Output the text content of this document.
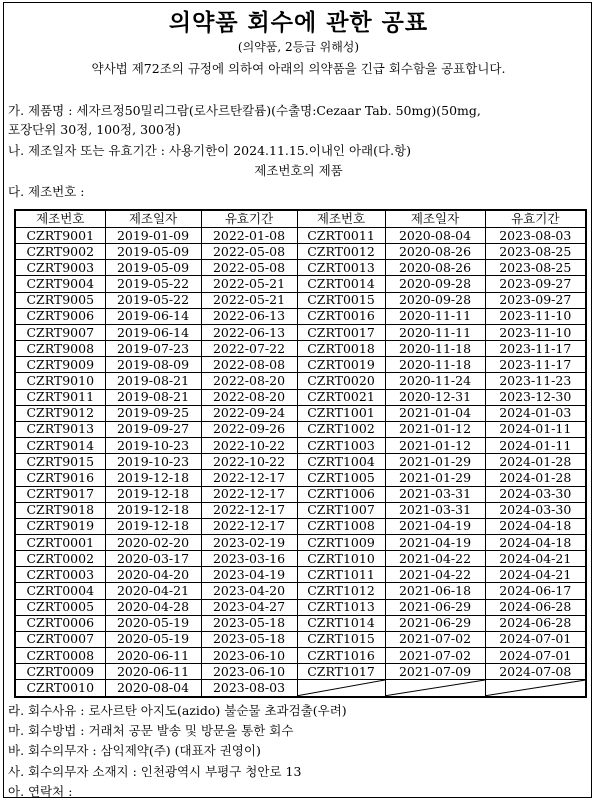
의약품 회수에 관한 공표
(의약품, 2등급 위해성)
약사법 제72조의 규정에 의하여 아래의 의약품을 긴급 회수함을 공표합니다.
가. 제품명 : 세자르정50밀리그람(로사르탄칼륨)(수출명:Cezaar Tab. 50mg)(50mg,
포장단위 30정, 100정, 300정)
나. 제조일자 또는 유효기간 : 사용기한이 2024.11.15.이내인 아래(다.항)
제조번호의 제품
다. 제조번호 :
제조번호	제조일자	유효기간	제조번호	제조일자	유효기간
CZRT9001	2019-01-09	2022-01-08	CZRT0011	2020-08-04	2023-08-03
CZRT9002	2019-05-09	2022-05-08	CZRT0012	2020-08-26	2023-08-25
CZRT9003	2019-05-09	2022-05-08	CZRT0013	2020-08-26	2023-08-25
CZRT9004	2019-05-22	2022-05-21	CZRT0014	2020-09-28	2023-09-27
CZRT9005	2019-05-22	2022-05-21	CZRT0015	2020-09-28	2023-09-27
CZRT9006	2019-06-14	2022-06-13	CZRT0016	2020-11-11	2023-11-10
CZRT9007	2019-06-14	2022-06-13	CZRT0017	2020-11-11	2023-11-10
CZRT9008	2019-07-23	2022-07-22	CZRT0018	2020-11-18	2023-11-17
CZRT9009	2019-08-09	2022-08-08	CZRT0019	2020-11-18	2023-11-17
CZRT9010	2019-08-21	2022-08-20	CZRT0020	2020-11-24	2023-11-23
CZRT9011	2019-08-21	2022-08-20	CZRT0021	2020-12-31	2023-12-30
CZRT9012	2019-09-25	2022-09-24	CZRT1001	2021-01-04	2024-01-03
CZRT9013	2019-09-27	2022-09-26	CZRT1002	2021-01-12	2024-01-11
CZRT9014	2019-10-23	2022-10-22	CZRT1003	2021-01-12	2024-01-11
CZRT9015	2019-10-23	2022-10-22	CZRT1004	2021-01-29	2024-01-28
CZRT9016	2019-12-18	2022-12-17	CZRT1005	2021-01-29	2024-01-28
CZRT9017	2019-12-18	2022-12-17	CZRT1006	2021-03-31	2024-03-30
CZRT9018	2019-12-18	2022-12-17	CZRT1007	2021-03-31	2024-03-30
CZRT9019	2019-12-18	2022-12-17	CZRT1008	2021-04-19	2024-04-18
CZRT0001	2020-02-20	2023-02-19	CZRT1009	2021-04-19	2024-04-18
CZRT0002	2020-03-17	2023-03-16	CZRT1010	2021-04-22	2024-04-21
CZRT0003	2020-04-20	2023-04-19	CZRT1011	2021-04-22	2024-04-21
CZRT0004	2020-04-21	2023-04-20	CZRT1012	2021-06-18	2024-06-17
CZRT0005	2020-04-28	2023-04-27	CZRT1013	2021-06-29	2024-06-28
CZRT0006	2020-05-19	2023-05-18	CZRT1014	2021-06-29	2024-06-28
CZRT0007	2020-05-19	2023-05-18	CZRT1015	2021-07-02	2024-07-01
CZRT0008	2020-06-11	2023-06-10	CZRT1016	2021-07-02	2024-07-01
CZRT0009	2020-06-11	2023-06-10	CZRT1017	2021-07-09	2024-07-08
CZRT0010	2020-08-04	2023-08-03	

라. 회수사유 : 로사르탄 아지도(azido) 불순물 초과검출(우려)
마. 회수방법 : 거래처 공문 발송 및 방문을 통한 회수
바. 회수의무자 : 삼익제약(주) (대표자 권영이)
사. 회수의무자 소재지 : 인천광역시 부평구 청안로 13
아. 연락처 :
